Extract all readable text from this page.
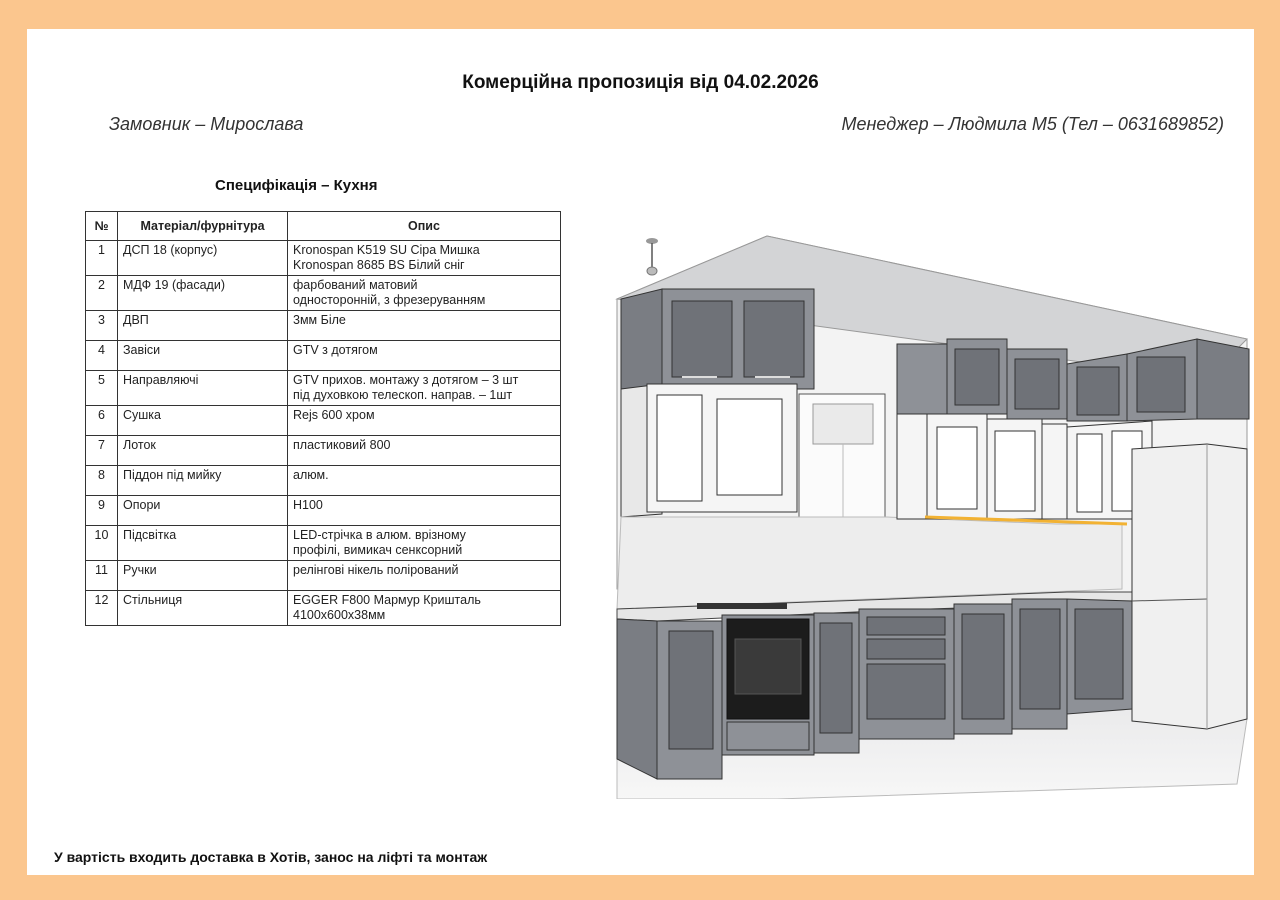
Комерційна пропозиція від 04.02.2026
Замовник – Мирослава	Менеджер – Людмила М5 (Тел – 0631689852)
Специфікація – Кухня
№	Матеріал/фурнітура	Опис
1	ДСП 18 (корпус)	Kronospan K519 SU Сіра Мишка
Kronospan 8685 BS Білий сніг

2	МДФ 19 (фасади)	фарбований матовий
односторонній, з фрезеруванням

3	ДВП	3мм Біле

4	Завіси	GTV з дотягом

5	Направляючі	GTV прихов. монтажу з дотягом – 3 шт
під духовкою телескоп. направ. – 1шт

6	Сушка	Rejs 600 хром

7	Лоток	пластиковий 800

8	Піддон під мийку	алюм.

9	Опори	Н100

10	Підсвітка	LED-стрічка в алюм. врізному
профілі, вимикач сенксорний

11	Ручки	релінгові нікель полірований

12	Стільниця	EGGER F800 Мармур Кришталь
4100х600х38мм
У вартість входить доставка в Хотів, занос на ліфті та монтаж
